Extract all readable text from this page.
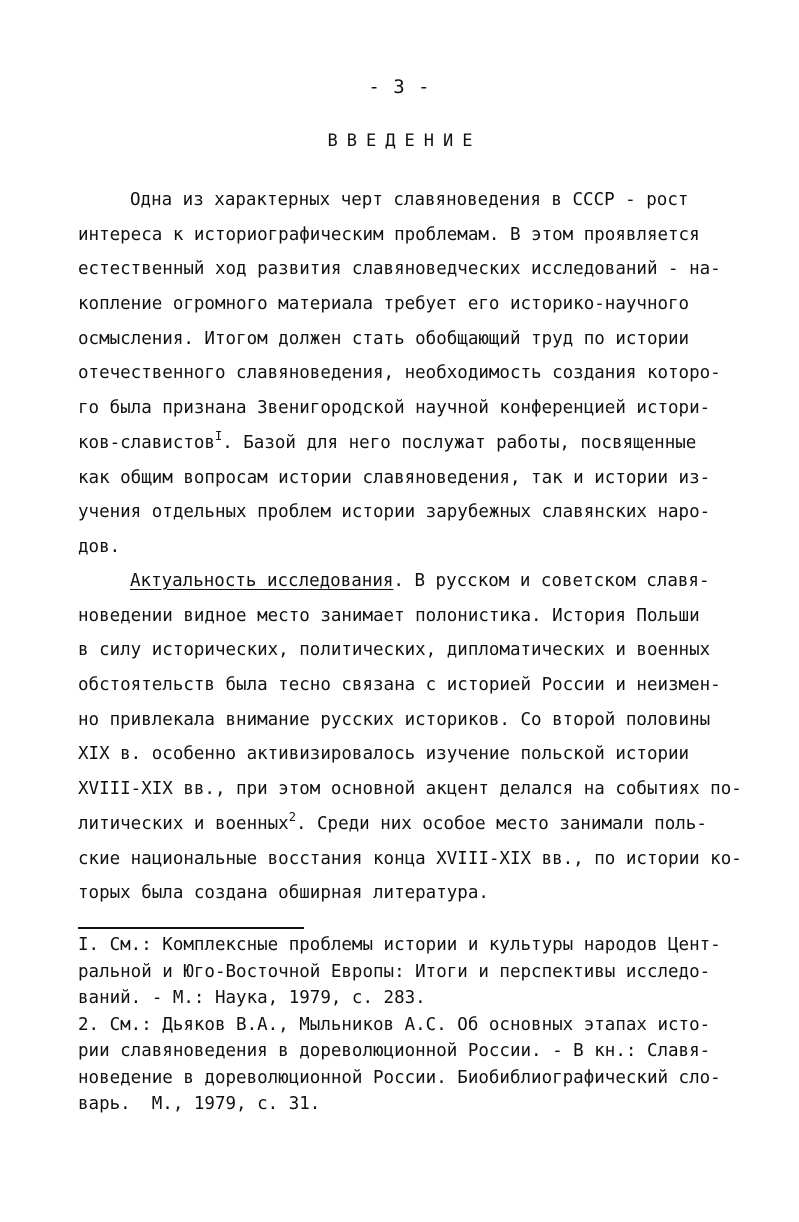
- 3 -
ВВЕДЕНИЕ
Одна из характерных черт славяноведения в СССР - рост
интереса к историографическим проблемам. В этом проявляется
естественный ход развития славяноведческих исследований - на-
копление огромного материала требует его историко-научного
осмысления. Итогом должен стать обобщающий труд по истории
отечественного славяноведения, необходимость создания которо-
го была признана Звенигородской научной конференцией истори-
ков-славистов$^I$. Базой для него послужат работы, посвященные
как общим вопросам истории славяноведения, так и истории из-
учения отдельных проблем истории зарубежных славянских наро-
дов.
Актуальность исследования. В русском и советском славя-
новедении видное место занимает полонистика. История Польши
в силу исторических, политических, дипломатических и военных
обстоятельств была тесно связана с историей России и неизмен-
но привлекала внимание русских историков. Со второй половины
XIX в. особенно активизировалось изучение польской истории
XVIII-XIX вв., при этом основной акцент делался на событиях по-
литических и военных$^2$. Среди них особое место занимали поль-
ские национальные восстания конца XVIII-XIX вв., по истории ко-
торых была создана обширная литература.
I. См.: Комплексные проблемы истории и культуры народов Цент-
ральной и Юго-Восточной Европы: Итоги и перспективы исследо-
ваний. - М.: Наука, 1979, с. 283.
2. См.: Дьяков В.А., Мыльников А.С. Об основных этапах исто-
рии славяноведения в дореволюционной России. - В кн.: Славя-
новедение в дореволюционной России. Биобиблиографический сло-
варь.  М., 1979, с. 31.
